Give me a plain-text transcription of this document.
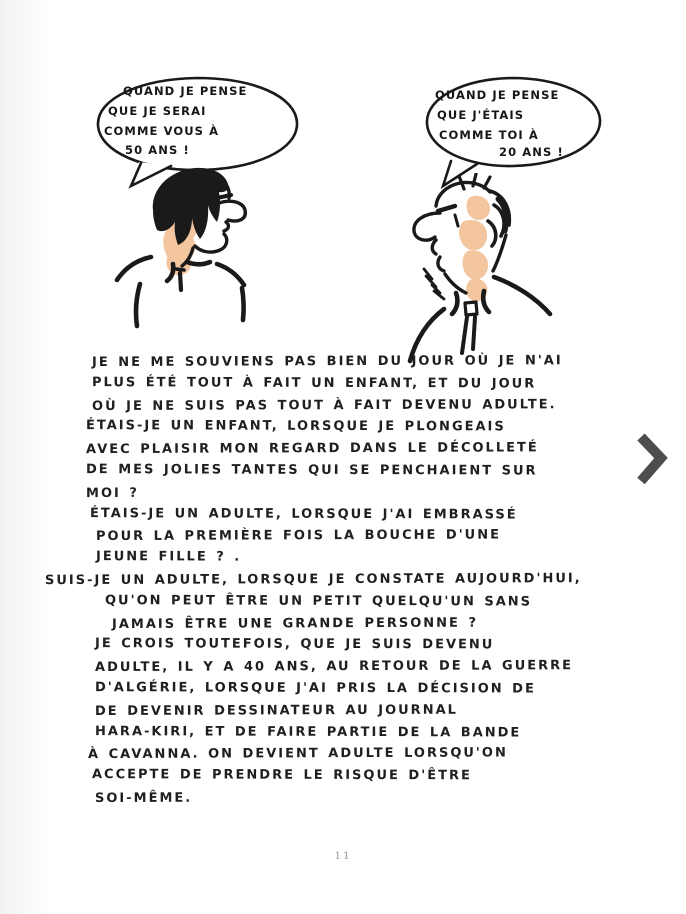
QUAND JE PENSE
QUE JE SERAI
COMME VOUS À
50 ANS !
QUAND JE PENSE
QUE J'ÉTAIS
COMME TOI À
20 ANS !
JE NE ME SOUVIENS PAS BIEN DU JOUR OÙ JE N'AI
PLUS ÉTÉ TOUT À FAIT UN ENFANT, ET DU JOUR
OÙ JE NE SUIS PAS TOUT À FAIT DEVENU ADULTE.
ÉTAIS-JE UN ENFANT, LORSQUE JE PLONGEAIS
AVEC PLAISIR MON REGARD DANS LE DÉCOLLETÉ
DE MES JOLIES TANTES QUI SE PENCHAIENT SUR
MOI ?
ÉTAIS-JE UN ADULTE, LORSQUE J'AI EMBRASSÉ
POUR LA PREMIÈRE FOIS LA BOUCHE D'UNE
JEUNE FILLE ? .
SUIS-JE UN ADULTE, LORSQUE JE CONSTATE AUJOURD'HUI,
QU'ON PEUT ÊTRE UN PETIT QUELQU'UN SANS
JAMAIS ÊTRE UNE GRANDE PERSONNE ?
JE CROIS TOUTEFOIS, QUE JE SUIS DEVENU
ADULTE, IL Y A 40 ANS, AU RETOUR DE LA GUERRE
D'ALGÉRIE, LORSQUE J'AI PRIS LA DÉCISION DE
DE DEVENIR DESSINATEUR AU JOURNAL
HARA-KIRI, ET DE FAIRE PARTIE DE LA BANDE
À CAVANNA. ON DEVIENT ADULTE LORSQU'ON
ACCEPTE DE PRENDRE LE RISQUE D'ÊTRE
SOI-MÊME.
11
